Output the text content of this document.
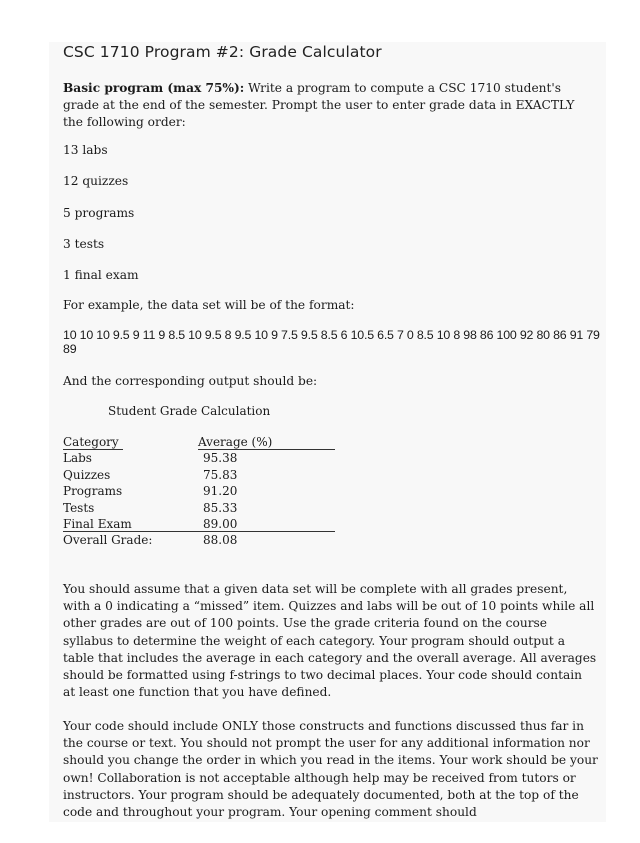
CSC 1710 Program #2: Grade Calculator
Basic program (max 75%): Write a program to compute a CSC 1710 student's grade at the end of the semester. Prompt the user to enter grade data in EXACTLY the following order:
13 labs
12 quizzes
5 programs
3 tests
1 final exam
For example, the data set will be of the format:
10 10 10 9.5 9 11 9 8.5 10 9.5 8 9.5 10 9 7.5 9.5 8.5 6 10.5 6.5 7 0 8.5 10 8 98 86 100 92 80 86 91 79 89
And the corresponding output should be:
Student Grade Calculation
Category	Average (%)
Labs	95.38
Quizzes	75.83
Programs	91.20
Tests	85.33
Final Exam	89.00
Overall Grade:	88.08
You should assume that a given data set will be complete with all grades present, with a 0 indicating a “missed” item. Quizzes and labs will be out of 10 points while all other grades are out of 100 points. Use the grade criteria found on the course syllabus to determine the weight of each category. Your program should output a table that includes the average in each category and the overall average. All averages should be formatted using f-strings to two decimal places. Your code should contain at least one function that you have defined.
Your code should include ONLY those constructs and functions discussed thus far in the course or text. You should not prompt the user for any additional information nor should you change the order in which you read in the items. Your work should be your own! Collaboration is not acceptable although help may be received from tutors or instructors. Your program should be adequately documented, both at the top of the code and throughout your program. Your opening comment should
